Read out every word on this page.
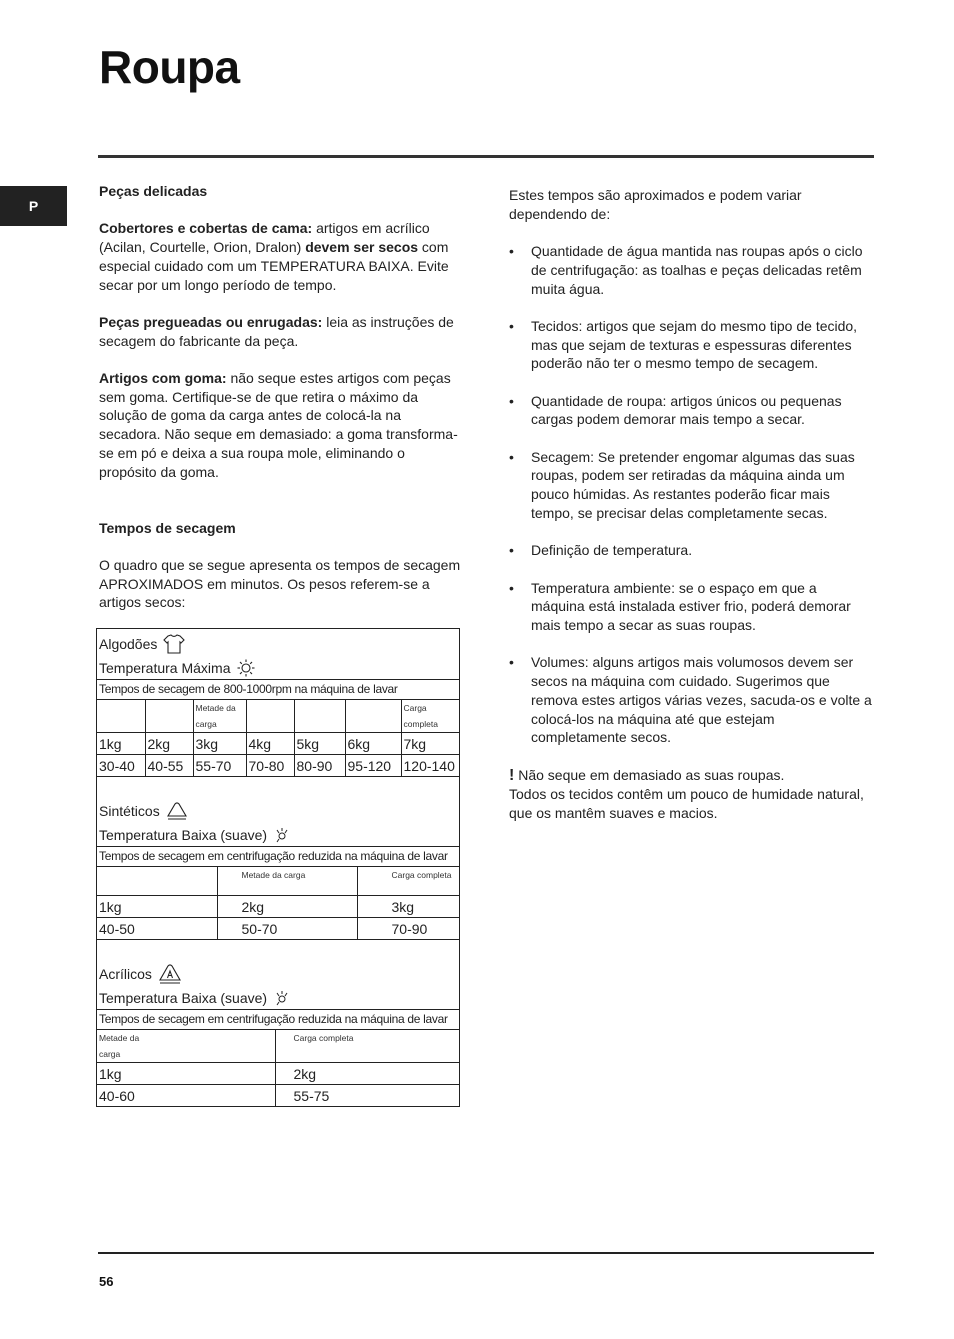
Roupa
P

Peças delicadas

Cobertores e cobertas de cama: artigos em acrílico (Acilan, Courtelle, Orion, Dralon) devem ser secos com especial cuidado com um TEMPERATURA BAIXA. Evite secar por um longo período de tempo.

Peças pregueadas ou enrugadas: leia as instruções de secagem do fabricante da peça.

Artigos com goma: não seque estes artigos com peças sem goma. Certifique-se de que retira o máximo da solução de goma da carga antes de colocá-la na secadora. Não seque em demasiado: a goma transforma-se em pó e deixa a sua roupa mole, eliminando o propósito da goma.

Tempos de secagem

O quadro que se segue apresenta os tempos de secagem APROXIMADOS em minutos. Os pesos referem-se a artigos secos:

Algodões
Temperatura Máxima
Tempos de secagem de 800-1000rpm na máquina de lavar
		Metade da carga				Carga completa
1kg	2kg	3kg	4kg	5kg	6kg	7kg
30-40	40-55	55-70	70-80	80-90	95-120	120-140
Sintéticos
Temperatura Baixa (suave)
Tempos de secagem em centrifugação reduzida na máquina de lavar
	Metade da carga	Carga completa
1kg	2kg	3kg
40-50	50-70	70-90
Acrílicos
Temperatura Baixa (suave)
Tempos de secagem em centrifugação reduzida na máquina de lavar
Metade da carga	Carga completa
1kg	2kg
40-60	55-75

Estes tempos são aproximados e podem variar dependendo de:

• Quantidade de água mantida nas roupas após o ciclo de centrifugação: as toalhas e peças delicadas retêm muita água.
• Tecidos: artigos que sejam do mesmo tipo de tecido, mas que sejam de texturas e espessuras diferentes poderão não ter o mesmo tempo de secagem.
• Quantidade de roupa: artigos únicos ou pequenas cargas podem demorar mais tempo a secar.
• Secagem: Se pretender engomar algumas das suas roupas, podem ser retiradas da máquina ainda um pouco húmidas. As restantes poderão ficar mais tempo, se precisar delas completamente secas.
• Definição de temperatura.
• Temperatura ambiente: se o espaço em que a máquina está instalada estiver frio, poderá demorar mais tempo a secar as suas roupas.
• Volumes: alguns artigos mais volumosos devem ser secos na máquina com cuidado. Sugerimos que remova estes artigos várias vezes, sacuda-os e volte a colocá-los na máquina até que estejam completamente secos.

! Não seque em demasiado as suas roupas.

Todos os tecidos contêm um pouco de humidade natural, que os mantêm suaves e macios.

56
